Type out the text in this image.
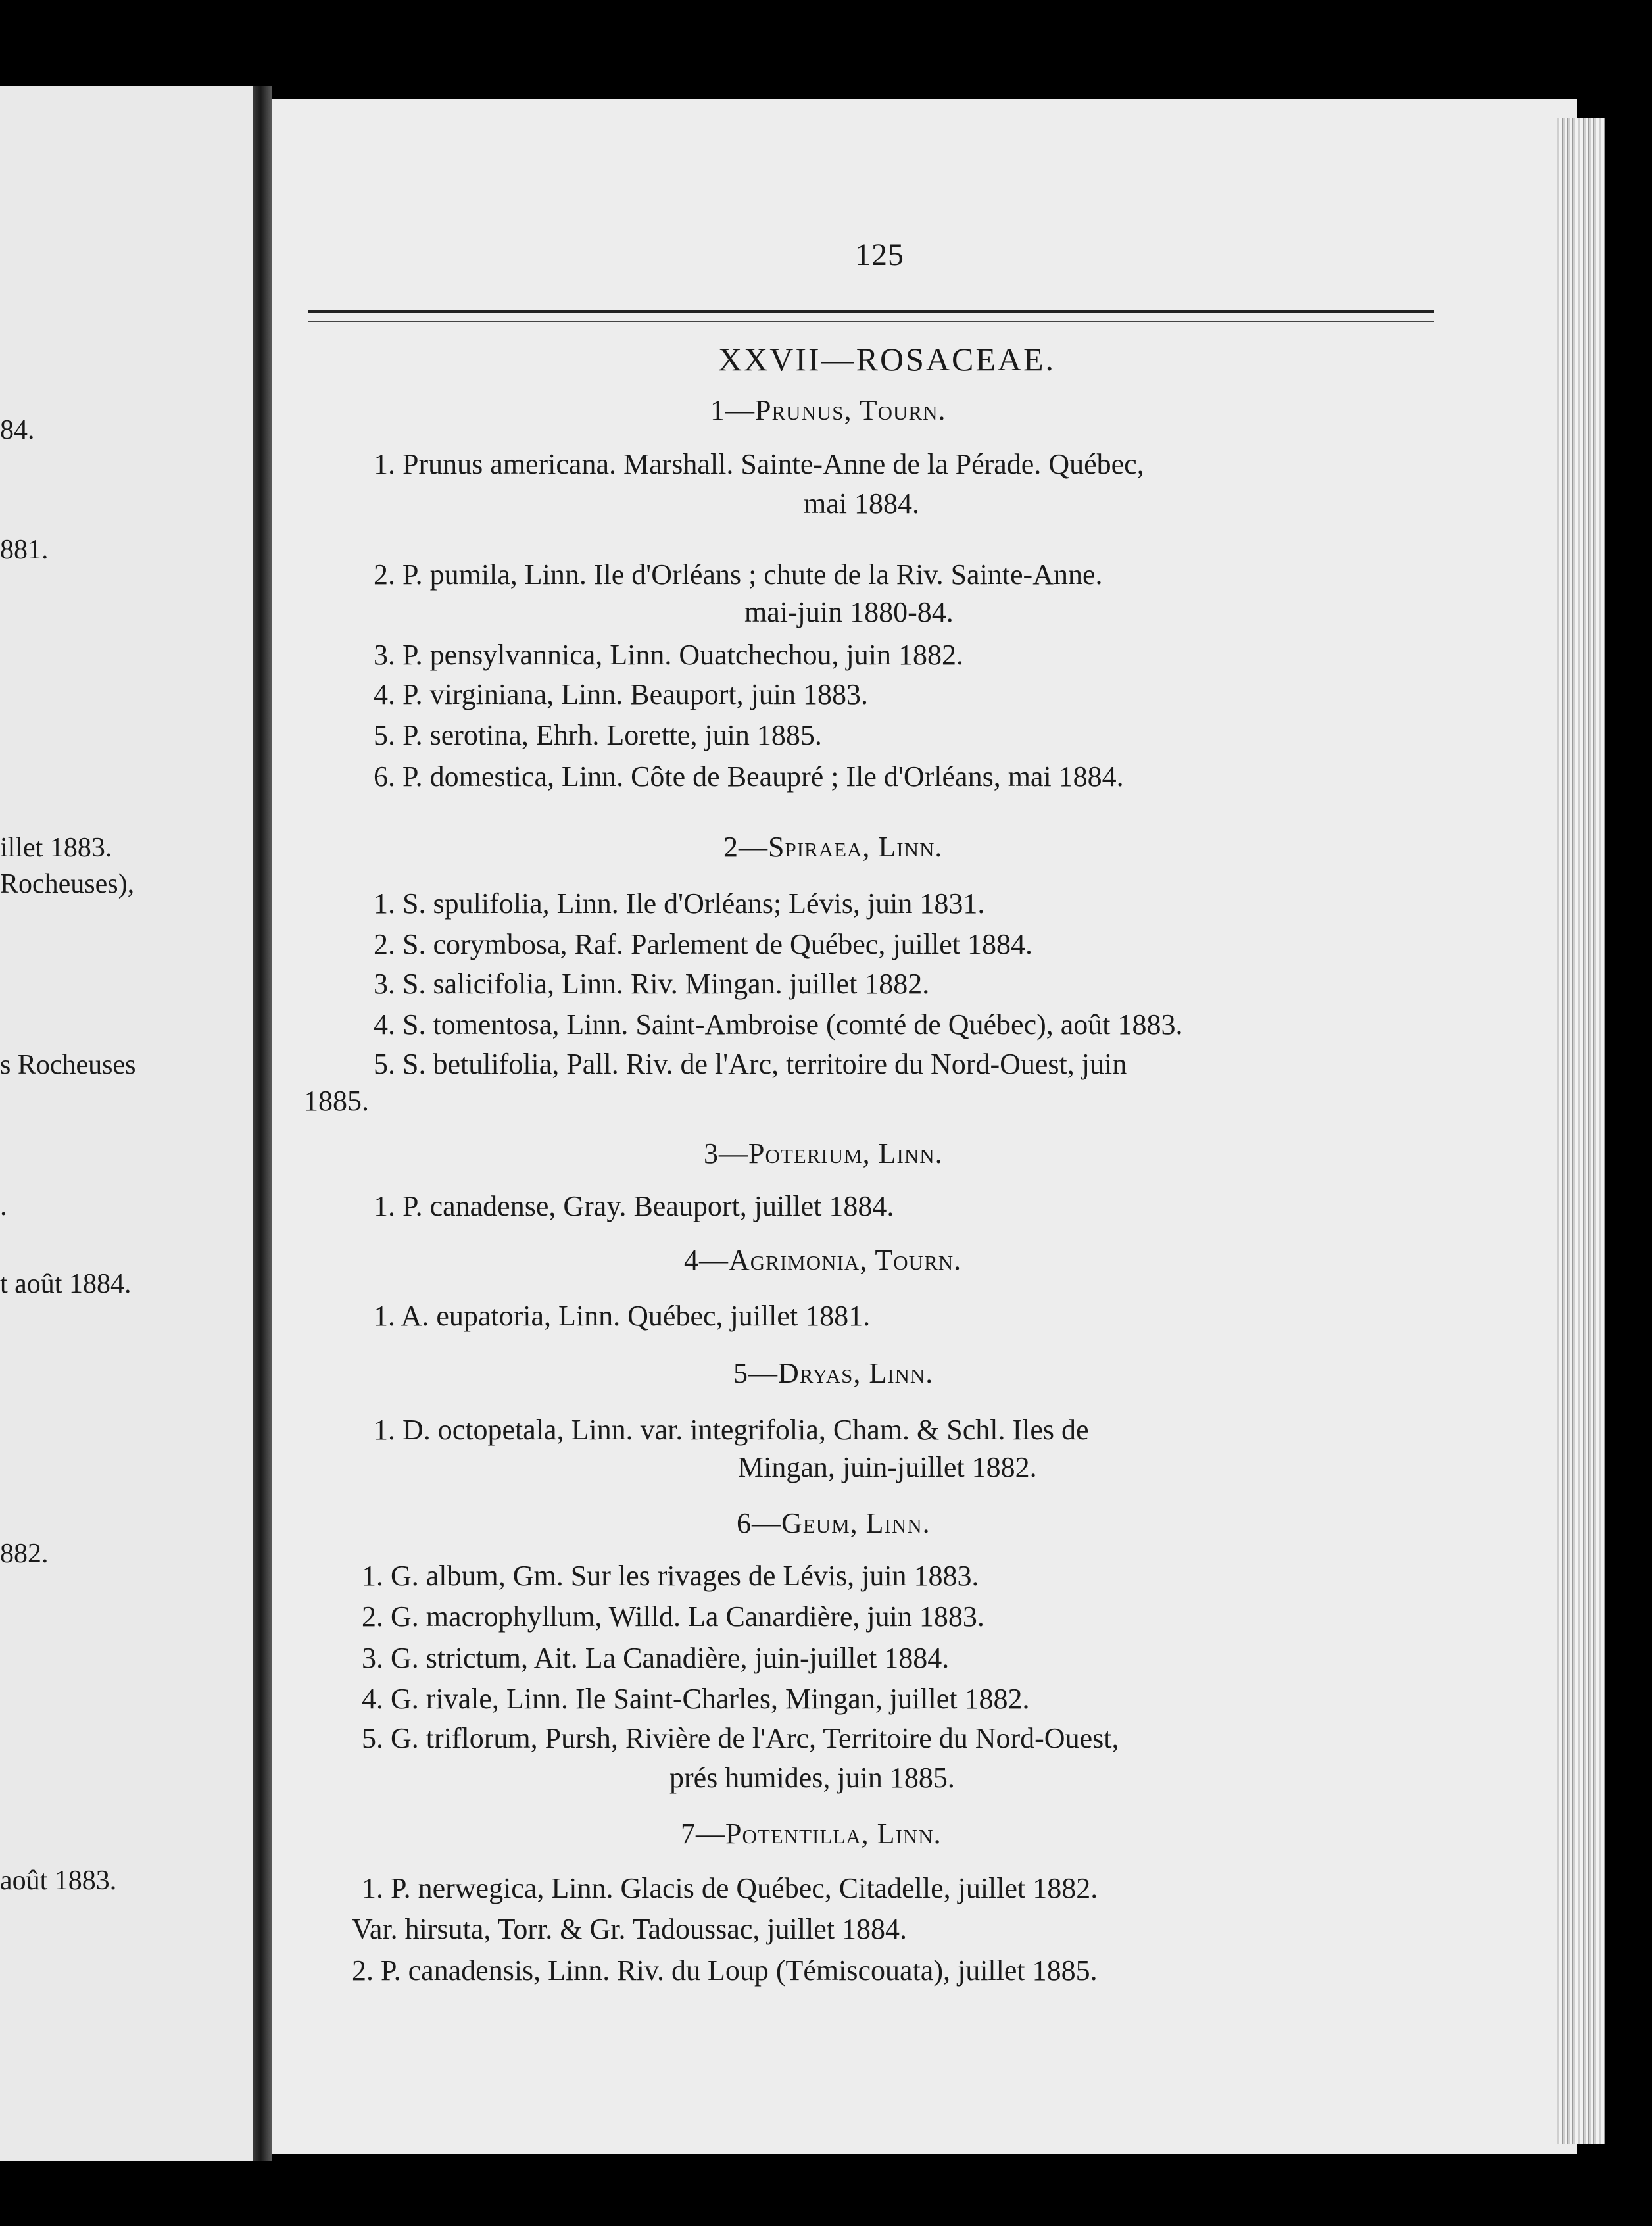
84.
881.
illet 1883.
Rocheuses),
s Rocheuses
.
t août 1884.
882.
août 1883.
125
XXVII—ROSACEAE.
1—Prunus, Tourn.
1. Prunus americana. Marshall. Sainte-Anne de la Pérade. Québec,
mai 1884.
2. P. pumila, Linn. Ile d'Orléans ; chute de la Riv. Sainte-Anne.
mai-juin 1880-84.
3. P. pensylvannica, Linn. Ouatchechou, juin 1882.
4. P. virginiana, Linn. Beauport, juin 1883.
5. P. serotina, Ehrh. Lorette, juin 1885.
6. P. domestica, Linn. Côte de Beaupré ; Ile d'Orléans, mai 1884.
2—Spiraea, Linn.
1. S. spulifolia, Linn. Ile d'Orléans; Lévis, juin 1831.
2. S. corymbosa, Raf. Parlement de Québec, juillet 1884.
3. S. salicifolia, Linn. Riv. Mingan. juillet 1882.
4. S. tomentosa, Linn. Saint-Ambroise (comté de Québec), août 1883.
5. S. betulifolia, Pall. Riv. de l'Arc, territoire du Nord-Ouest, juin
1885.
3—Poterium, Linn.
1. P. canadense, Gray. Beauport, juillet 1884.
4—Agrimonia, Tourn.
1. A. eupatoria, Linn. Québec, juillet 1881.
5—Dryas, Linn.
1. D. octopetala, Linn. var. integrifolia, Cham. & Schl. Iles de
Mingan, juin-juillet 1882.
6—Geum, Linn.
1. G. album, Gm. Sur les rivages de Lévis, juin 1883.
2. G. macrophyllum, Willd. La Canardière, juin 1883.
3. G. strictum, Ait. La Canadière, juin-juillet 1884.
4. G. rivale, Linn. Ile Saint-Charles, Mingan, juillet 1882.
5. G. triflorum, Pursh, Rivière de l'Arc, Territoire du Nord-Ouest,
prés humides, juin 1885.
7—Potentilla, Linn.
1. P. nerwegica, Linn. Glacis de Québec, Citadelle, juillet 1882.
Var. hirsuta, Torr. & Gr. Tadoussac, juillet 1884.
2. P. canadensis, Linn. Riv. du Loup (Témiscouata), juillet 1885.
